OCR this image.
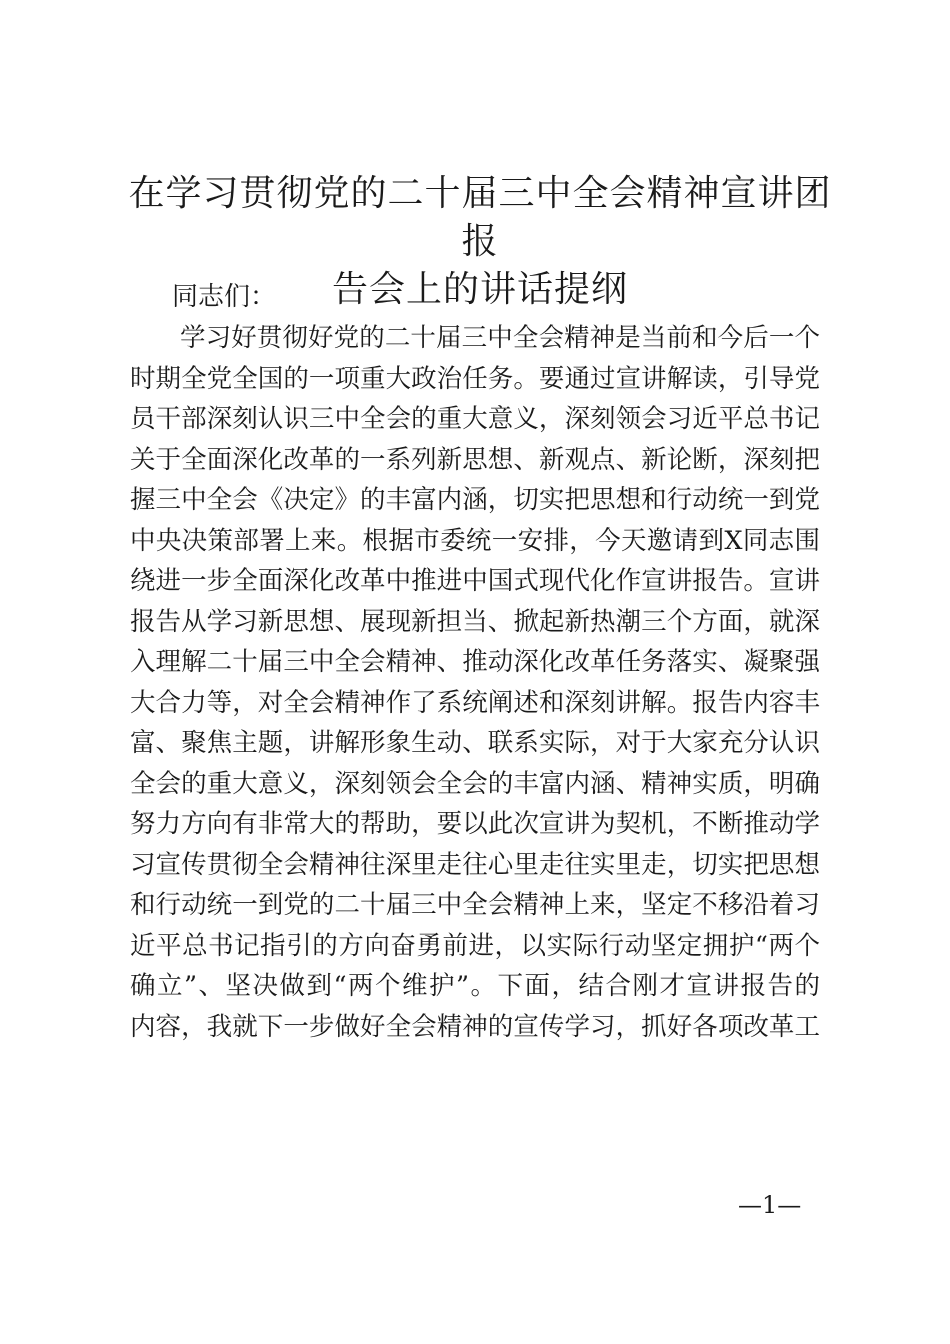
在学习贯彻党的二十届三中全会精神宣讲团报
告会上的讲话提纲

同志们：

学习好贯彻好党的二十届三中全会精神是当前和今后一个
时期全党全国的一项重大政治任务。要通过宣讲解读，引导党
员干部深刻认识三中全会的重大意义，深刻领会习近平总书记
关于全面深化改革的一系列新思想、新观点、新论断，深刻把
握三中全会《决定》的丰富内涵，切实把思想和行动统一到党
中央决策部署上来。根据市委统一安排，今天邀请到X同志围
绕进一步全面深化改革中推进中国式现代化作宣讲报告。宣讲
报告从学习新思想、展现新担当、掀起新热潮三个方面，就深
入理解二十届三中全会精神、推动深化改革任务落实、凝聚强
大合力等，对全会精神作了系统阐述和深刻讲解。报告内容丰
富、聚焦主题，讲解形象生动、联系实际，对于大家充分认识
全会的重大意义，深刻领会全会的丰富内涵、精神实质，明确
努力方向有非常大的帮助，要以此次宣讲为契机，不断推动学
习宣传贯彻全会精神往深里走往心里走往实里走，切实把思想
和行动统一到党的二十届三中全会精神上来，坚定不移沿着习
近平总书记指引的方向奋勇前进，以实际行动坚定拥护“两个
确立”、坚决做到“两个维护”。下面，结合刚才宣讲报告的
内容，我就下一步做好全会精神的宣传学习，抓好各项改革工
—1—
